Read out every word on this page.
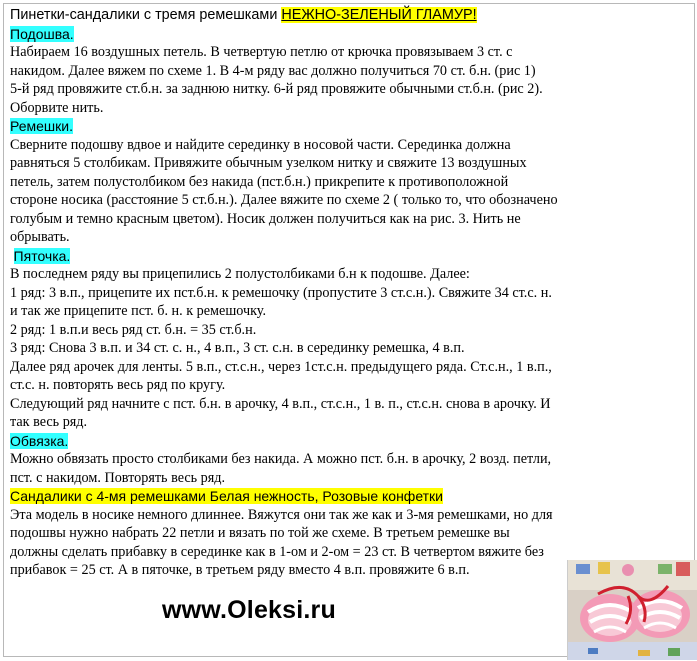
Пинетки-сандалики с тремя ремешками НЕЖНО-ЗЕЛЕНЫЙ ГЛАМУР!
Подошва.
Набираем 16 воздушных петель. В четвертую петлю от крючка провязываем 3 ст. с
накидом. Далее вяжем по схеме 1. В 4-м ряду вас должно получиться 70 ст. б.н. (рис 1)
5-й ряд провяжите ст.б.н. за заднюю нитку. 6-й ряд провяжите обычными ст.б.н. (рис 2).
Оборвите нить.
Ремешки.
Сверните подошву вдвое и найдите серединку в носовой части. Серединка должна
равняться 5 столбикам. Привяжите обычным узелком нитку и свяжите 13 воздушных
петель, затем полустолбиком без накида (пст.б.н.) прикрепите к противоположной
стороне носика (расстояние 5 ст.б.н.). Далее вяжите по схеме 2 ( только то, что обозначено
голубым и темно красным цветом). Носик должен получиться как на рис. 3. Нить не
обрывать.
Пяточка.
В последнем ряду вы прицепились 2 полустолбиками б.н к подошве. Далее:
1 ряд: 3 в.п., прицепите их пст.б.н. к ремешочку (пропустите 3 ст.с.н.). Свяжите 34 ст.с. н.
и так же прицепите пст. б. н. к ремешочку.
2 ряд: 1 в.п.и весь ряд ст. б.н. = 35 ст.б.н.
3 ряд: Снова 3 в.п. и 34 ст. с. н., 4 в.п., 3 ст. с.н. в серединку ремешка, 4 в.п.
Далее ряд арочек для ленты. 5 в.п., ст.с.н., через 1ст.с.н. предыдущего ряда. Ст.с.н., 1 в.п.,
ст.с. н. повторять весь ряд по кругу.
Следующий ряд начните с пст. б.н. в арочку, 4 в.п., ст.с.н., 1 в. п., ст.с.н. снова в арочку. И
так весь ряд.
Обвязка.
Можно обвязать просто столбиками без накида. А можно пст. б.н. в арочку, 2 возд. петли,
пст. с накидом. Повторять весь ряд.
Сандалики с 4-мя ремешками Белая нежность, Розовые конфетки
Эта модель в носике немного длиннее. Вяжутся они так же как и 3-мя ремешками, но для
подошвы нужно набрать 22 петли и вязать по той же схеме. В третьем ремешке вы
должны сделать прибавку в серединке как в 1-ом и 2-ом = 23 ст. В четвертом вяжите без
прибавок = 25 ст. А в пяточке, в третьем ряду вместо 4 в.п. провяжите 6 в.п.
www.Oleksi.ru
